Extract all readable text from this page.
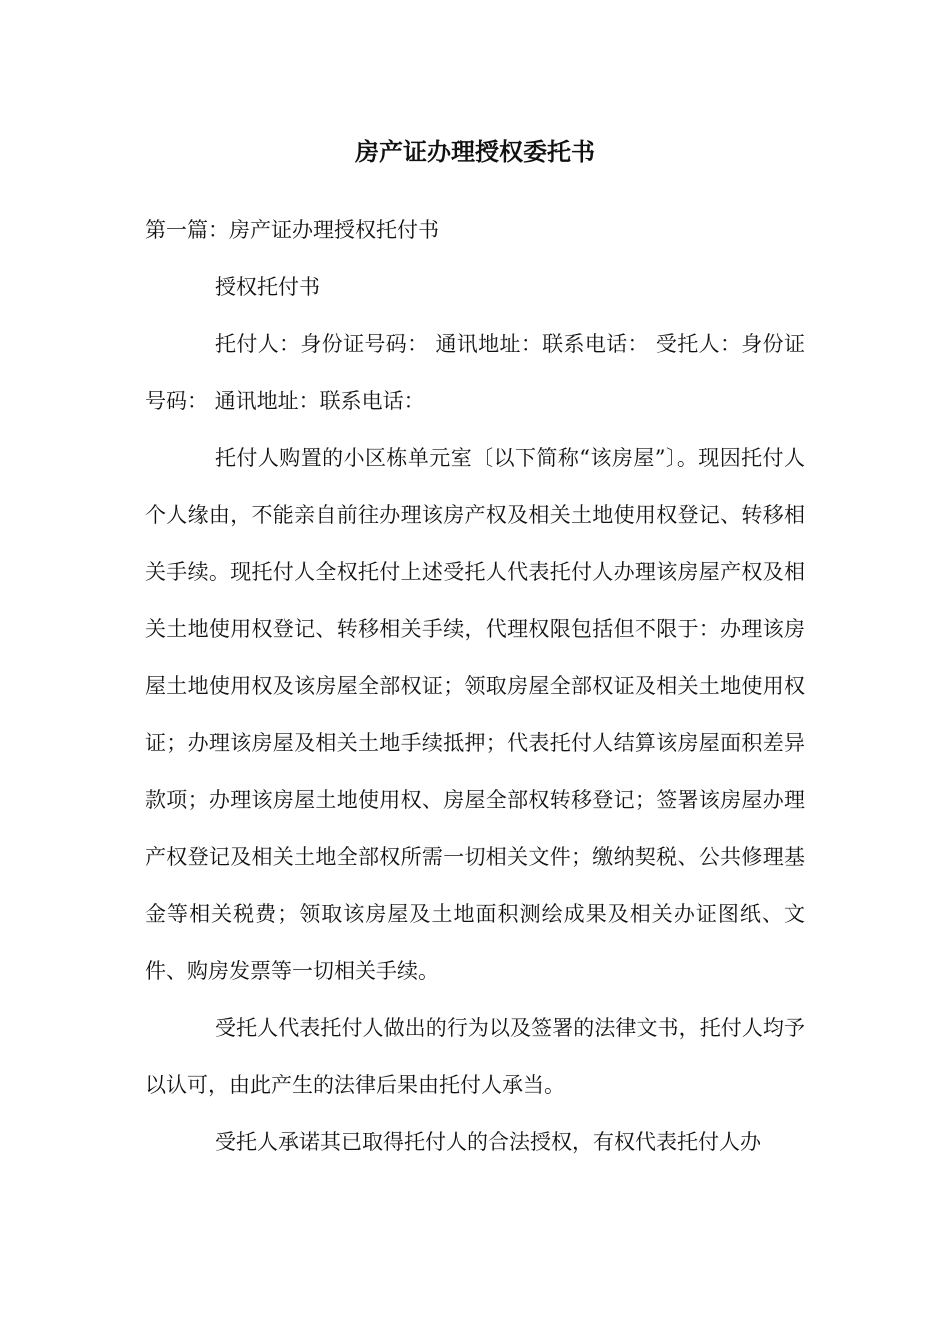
房产证办理授权委托书

第一篇：房产证办理授权托付书

授权托付书

托付人：身份证号码： 通讯地址：联系电话： 受托人：身份证号码： 通讯地址：联系电话：

托付人购置的小区栋单元室〔以下简称“该房屋”〕。现因托付人个人缘由，不能亲自前往办理该房产权及相关土地使用权登记、转移相关手续。现托付人全权托付上述受托人代表托付人办理该房屋产权及相关土地使用权登记、转移相关手续，代理权限包括但不限于：办理该房屋土地使用权及该房屋全部权证；领取房屋全部权证及相关土地使用权证；办理该房屋及相关土地手续抵押；代表托付人结算该房屋面积差异款项；办理该房屋土地使用权、房屋全部权转移登记；签署该房屋办理产权登记及相关土地全部权所需一切相关文件；缴纳契税、公共修理基金等相关税费；领取该房屋及土地面积测绘成果及相关办证图纸、文件、购房发票等一切相关手续。

受托人代表托付人做出的行为以及签署的法律文书，托付人均予以认可，由此产生的法律后果由托付人承当。

受托人承诺其已取得托付人的合法授权，有权代表托付人办
